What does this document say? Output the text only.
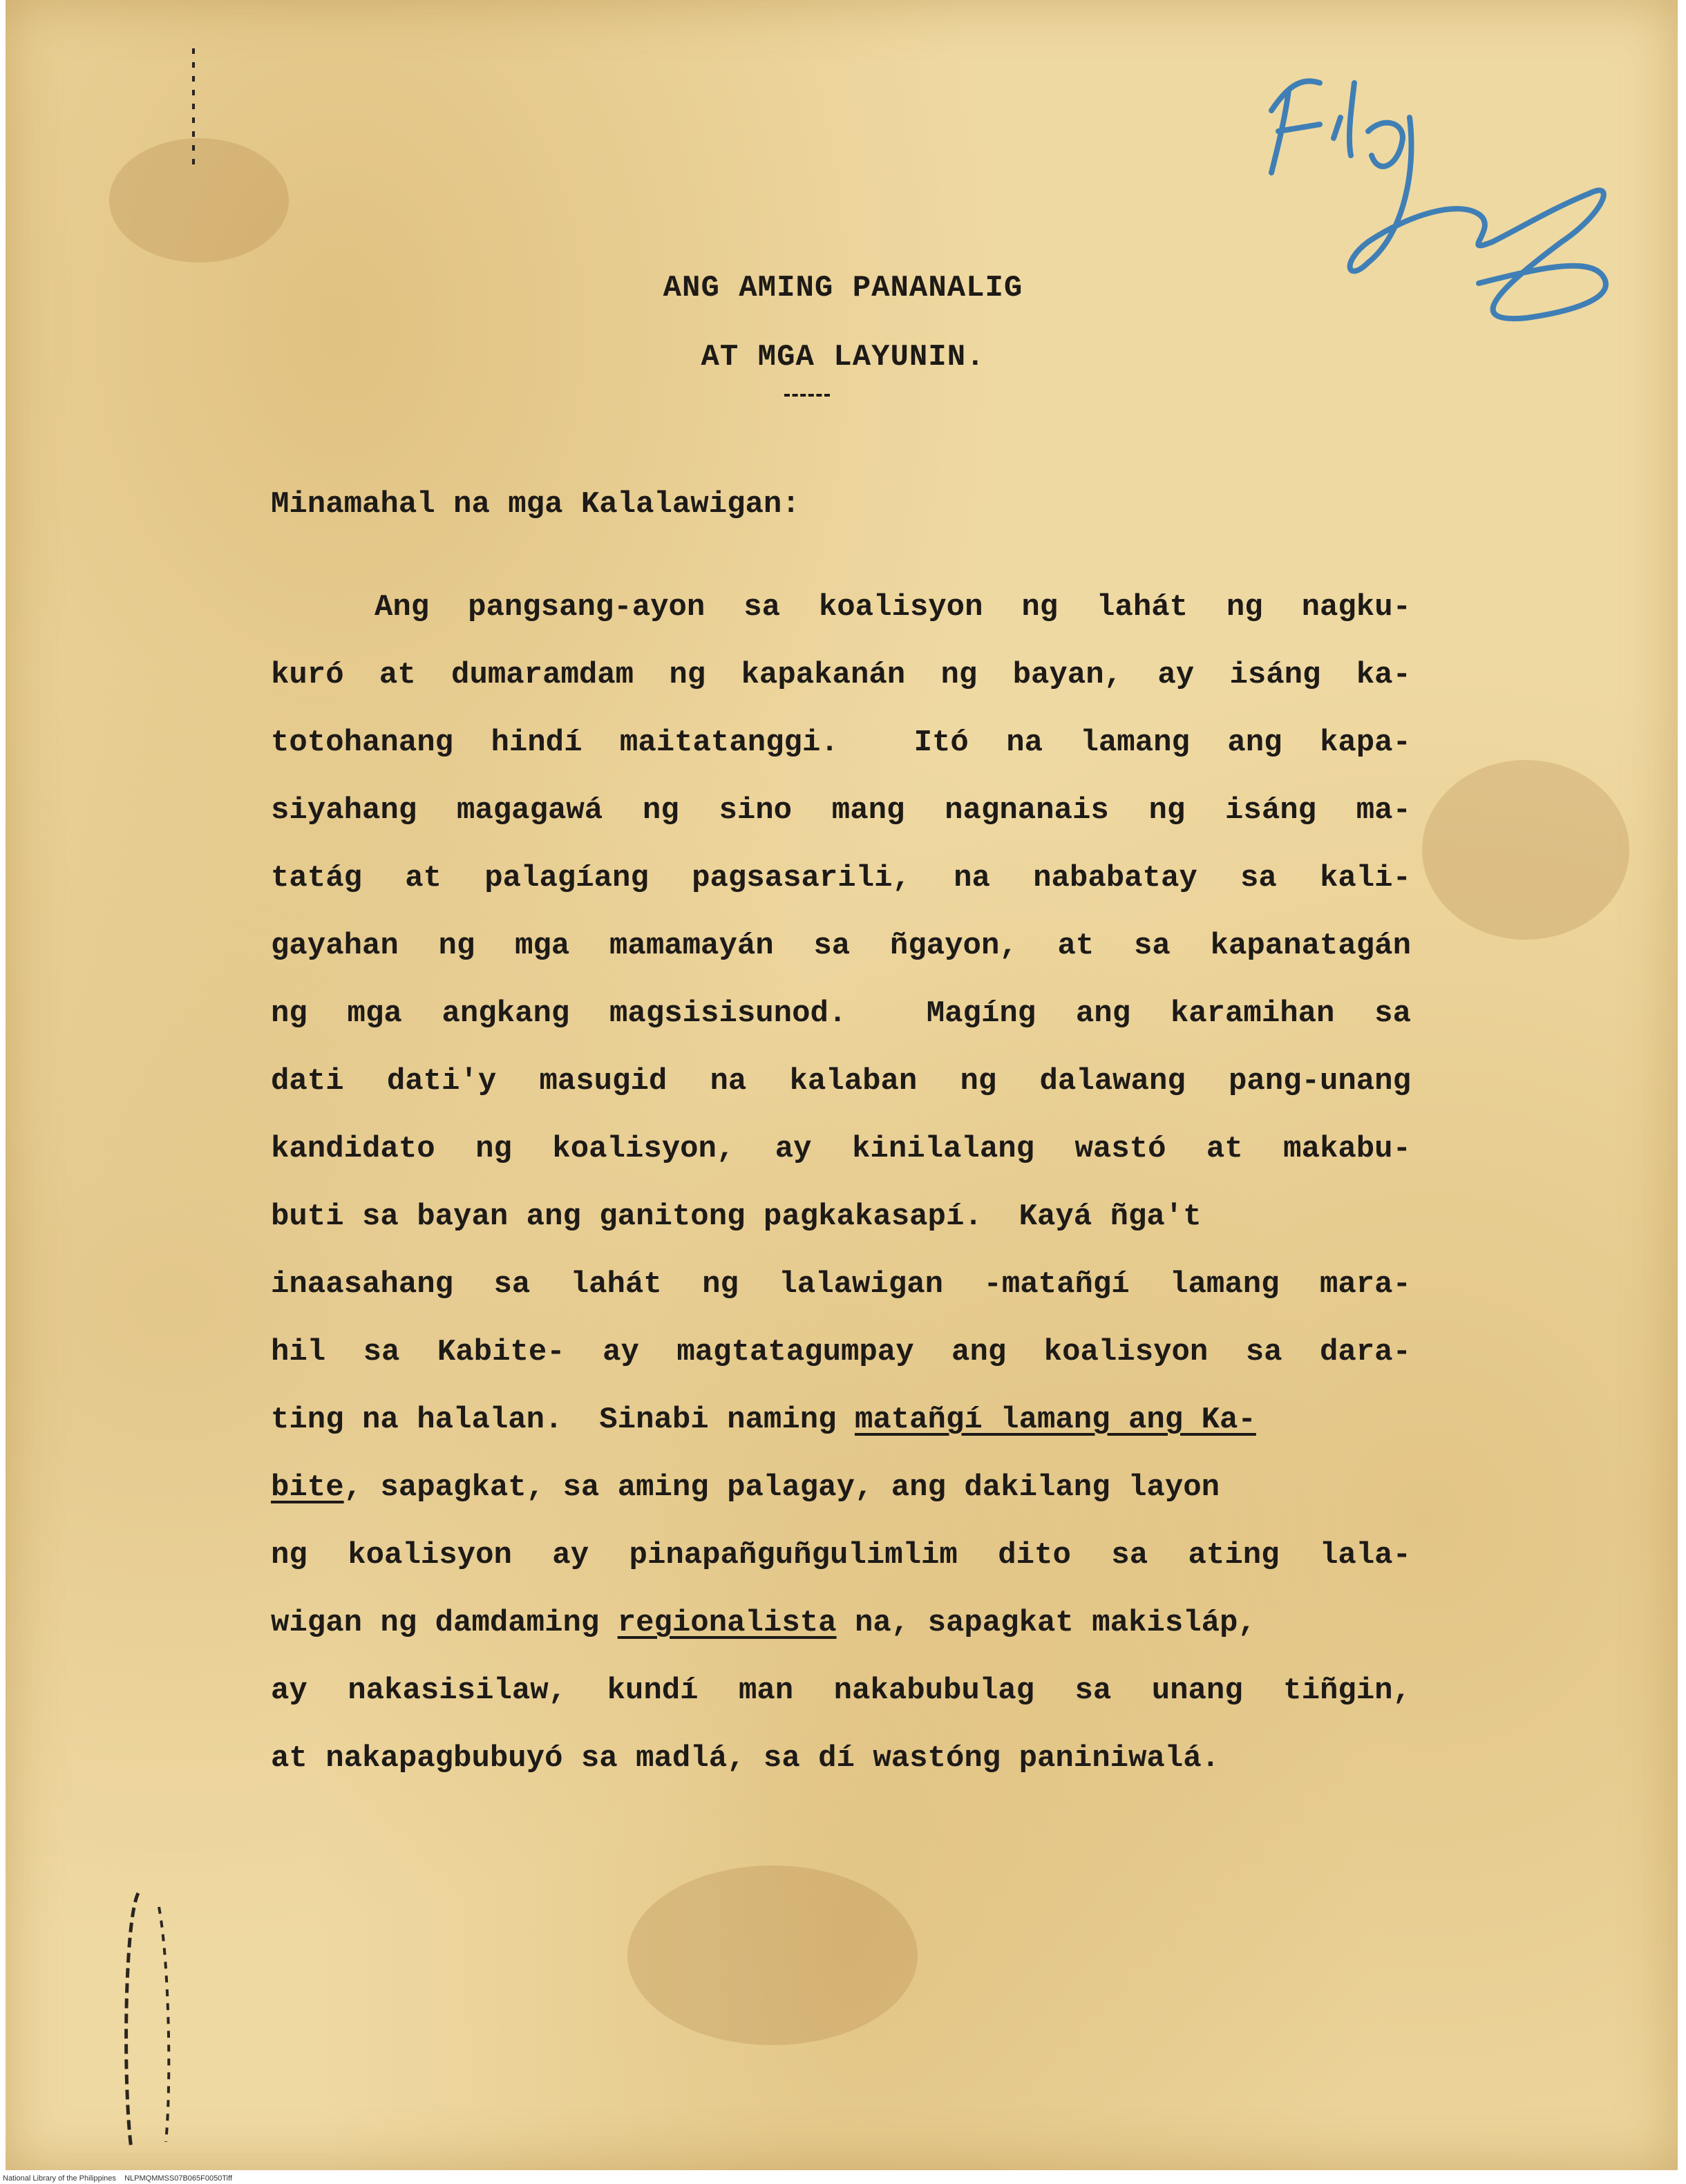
Fily
ANG AMING PANANALIG
AT MGA LAYUNIN.
Minamahal na mga Kalalawigan:
Ang pangsang-ayon sa koalisyon ng lahát ng nagku-
kuró at dumaramdam ng kapakanán ng bayan, ay isáng ka-
totohanang hindí maitatanggi.  Itó na lamang ang kapa-
siyahang magagawá ng sino mang nagnanais ng isáng ma-
tatág at palagíang pagsasarili, na nababatay sa kali-
gayahan ng mga mamamayán sa ñgayon, at sa kapanatagán
ng mga angkang magsisisunod.  Magíng ang karamihan sa
dati dati'y masugid na kalaban ng dalawang pang-unang
kandidato ng koalisyon, ay kinilalang wastó at makabu-
buti sa bayan ang ganitong pagkakasapí.  Kayá ñga't
inaasahang sa lahát ng lalawigan -matañgí lamang mara-
hil sa Kabite- ay magtatagumpay ang koalisyon sa dara-
ting na halalan.  Sinabi naming matañgí lamang ang Ka-
bite, sapagkat, sa aming palagay, ang dakilang layon
ng koalisyon ay pinapañguñgulimlim dito sa ating lala-
wigan ng damdaming regionalista na, sapagkat makisláp,
ay nakasisilaw, kundí man nakabubulag sa unang tiñgin,
at nakapagbubuyó sa madlá, sa dí wastóng paniniwalá.
National Library of the Philippines NLPMQMMSS07B065F0050Tiff
